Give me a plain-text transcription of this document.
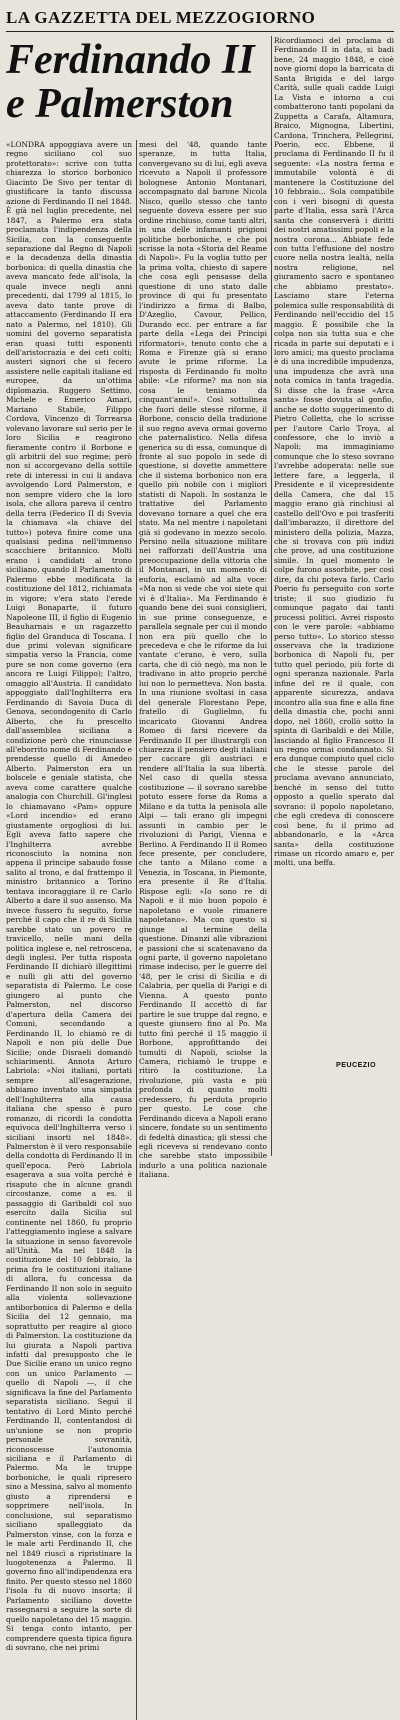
LA GAZZETTA DEL MEZZOGIORNO
Ferdinando II
e Palmerston

«LONDRA appoggiava avere un regno siciliano col suo protettorato»: scrive con tutta chiarezza lo storico borbonico Giacinto De Sivo per tentar di giustificare la tanto discussa azione di Ferdinando II nel 1848. È già nel luglio precedente, nel 1847, a Palermo era stata proclamata l'indipendenza della Sicilia, con la conseguente separazione dal Regno di Napoli e la decadenza della dinastia borbonica: di quella dinastia che aveva mancato fede all'isola, la quale invece negli anni precedenti, dal 1799 al 1815, lo aveva dato tante prove di attaccamento (Ferdinando II era nato a Palermo, nel 1810). Gli uomini del governo separatista eran quasi tutti esponenti dell'aristocrazia e dei ceti colti; austeri signori che si fecero assistere nelle capitali italiane ed europee, da un'ottima diplomazia. Ruggero Settimo, Michele e Emerico Amari, Mariano Stabile, Filippo Cordova, Vincenzo di Torrearsa volevano lavorare sul serio per le loro Sicilia e reagirono fieramente contro il Borbone e gli arbitrii del suo regime; però non si accorgevano della sottile rete di interessi in cui li andava avvolgendo Lord Palmerston, e non sempre videro che la loro isola, che allora pareva il centro della terra (Federico II di Svevia la chiamava «la chiave del tutto») poteva finire come una qualsiasi pedina nell'immenso scacchiere britannico. Molti erano i candidati al trono siciliano, quando il Parlamento di Palermo ebbe modificata la costituzione del 1812, richiamata in vigore; v'era stato l'erede Luigi Bonaparte, il futuro Napoleone III, il figlio di Eugenio Beauharnais e un ragazzetto figlio del Granduca di Toscana. I due primi volevan significare simpatia verso la Francia, come pure se non come governo (era ancora re Luigi Filippo); l'altro, omaggio all'Austria. Il candidato appoggiato dall'Inghilterra era Ferdinando di Savoia Duca di Genova, secondogenito di Carlo Alberto, che fu prescelto dall'assemblea siciliana a condizione però che rinunciasse all'eborrito nome di Ferdinando e prendesse quello di Amedeo Alberto. Palmerston era un bolscele e geniale statista, che aveva come carattere qualche analogia con Churchill. Gl'inglesi lo chiamavano «Pam» oppure «Lord incendio» ed erano giustamente orgogliosi di lui. Egli aveva fatto sapere che l'Inghilterra avrebbe riconosciuto la nomina non appena il principe sabaudo fosse salito al trono, e dal frattempo il ministro britannico a Torino tentava incoraggiare il re Carlo Alberto a dare il suo assenso. Ma invece fussero fu seguito, forse perché il capo che il re di Sicilia sarebbe stato un povero re travicello, nelle mani della politica inglese e, nel retroscena, degli inglesi. Per tutta risposta Ferdinando II dichiarò illegittimi e nulli gli atti del governo separatista di Palermo. Le cose giungero al punto che Palmerston, nel discorso d'apertura della Camera dei Comuni, secondando a Ferdinando II, lo chiamò re di Napoli e non più delle Due Sicilie; onde Disraeli domandò schiarimenti. Annota Arturo Labriola: «Noi italiani, portati sempre all'esagerazione, abbiamo inventato una simpatia dell'Inghilterra alla causa italiana che spesso è puro romanzo, di ricordi la condotta equivoca dell'Inghilterra verso i siciliani insorti nel 1848». Palmerston è il vero responsabile della condotta di Ferdinando II in quell'epoca. Però Labriola esagerava a sua volta perché è risaputo che in alcune grandi circostanze, come a es. il passaggio di Garibaldi col suo esercito dalla Sicilia sul continente nel 1860, fu proprio l'atteggiamento inglese a salvare la situazione in senso favorevole all'Unità. Ma nel 1848 la costituzione del 10 febbraio, la prima fra le costituzioni italiane di allora, fu concessa da Ferdinando II non solo in seguito alla violenta sollevazione antiborbonica di Palermo e della Sicilia del 12 gennaio, ma soprattutto per reagire al gioco di Palmerston. La costituzione da lui giurata a Napoli partiva infatti dal presupposto che le Due Sicilie erano un unico regno con un unico Parlamento — quello di Napoli —, il che significava la fine del Parlamento separatista siciliano. Seguì il tentativo di Lord Minto perché Ferdinando II, contentandosi di un'unione se non proprio personale sovranità, riconoscesse l'autonomia siciliana e il Parlamento di Palermo. Ma le truppe borboniche, le quali ripresero sino a Messina, salvo al momento giusto a riprendersi e sopprimere nell'isola. In conclusione, sul separatismo siciliano spalleggiato da Palmerston vinse, con la forza e le male arti Ferdinando II, che nel 1849 riuscì a ripristinare la luogotenenza a Palermo. Il governo fino all'indipendenza era finito. Per questo stesso nel 1860 l'isola fu di nuovo insorta; il Parlamento siciliano dovette rassegnarsi a seguire la sorte di quello napoletano del 15 maggio. Si tenga conto intanto, per comprendere questa tipica figura di sovrano, che nei primi

mesi del '48, quando tante speranze, in tutta Italia, convergevano su di lui, egli aveva ricevuto a Napoli il professore bolognese Antonio Montanari, accompagnato dal barone Nicola Nisco, quello stesso che tanto seguente doveva essere per suo ordine rinchiuso, come tanti altri, in una delle infamanti prigioni politiche borboniche, e che poi scrisse la nota «Storia del Reame di Napoli». Fu la voglia tutto per la prima volta, chiesto di sapere che cosa egli pensasse della questione di uno stato dalle province di qui fu presentato l'indirizzo a firma di Balbo, D'Azeglio, Cavour, Pellico, Durando ecc. per entrare a far parte della «Lega dei Principi riformatori», tenuto conto che a Roma e Firenze già si erano avute le prime riforme. La risposta di Ferdinando fu molto abile: «Le riforme? ma non sia cosa le teniamo da cinquant'anni!». Così sottolinea che fuori delle stesse riforme, il Borbone, conscio della tradizione il suo regno aveva ormai governo che paternalistico. Nella difesa generica su di essa, comunque di fronte al suo popolo in sede di questione, si dovette ammettere che il sistema borbonico non era quello più nobile con i migliori statisti di Napoli. In sostanza le trattative del Parlamento dovevano tornare a quel che era stato. Ma nel mentre i napoletani già si godevano in mezzo secolo. Persino nella situazione militare nei rafforzati dell'Austria una preoccupazione della vittoria che il Montanari, in un momento di euforia, esclamò ad alta voce: «Ma non si vede che voi siete qui vi è d'Italia». Ma Ferdinando è quando bene dei suoi consiglieri, in sue prime conseguenze, e parallela segnale per cui il mondo non era più quello che lo precedeva e che le riforme da lui vantate c'erano, è vero, sulla carta, che di ciò negò, ma non le tradivano in atto proprio perché lui non lo permetteva. Non basta. In una riunione svoltasi in casa del generale Florestano Pepe, fratello di Guglielmo, fu incaricato Giovanni Andrea Romeo di farsi ricevere da Ferdinando II per illustrargli con chiarezza il pensiero degli italiani per caccare gli austriaci e rendere all'Italia la sua libertà. Nel caso di quella stessa costituzione — il sovrano sarebbe potuto essere forse da Roma a Milano e da tutta la penisola alle Alpi — tali erano gli impegni assunti in cambio per le rivoluzioni di Parigi, Vienna e Berlino. A Ferdinando II il Romeo fece presente, per concludere, che tanto a Milano come a Venezia, in Toscana, in Piemonte, era presente il Re d'Italia. Rispose egli: «Io sono re di Napoli e il mio buon popolo è napoletano e vuole rimanere napoletano». Ma con questo si giunge al termine della questione. Dinanzi alle vibrazioni e passioni che si scatenavano da ogni parte, il governo napoletano rimase indeciso, per le guerre del '48, per le crisi di Sicilia e di Calabria, per quella di Parigi e di Vienna. A questo punto Ferdinando II accettò di far partire le sue truppe dal regno, e queste giunsero fino al Po. Ma tutto finì perché il 15 maggio il Borbone, approfittando dei tumulti di Napoli, sciolse la Camera, richiamò le truppe e ritirò la costituzione. La rivoluzione, più vasta e più profonda di quanto molti credessero, fu perduta proprio per questo. Le cose che Ferdinando diceva a Napoli erano sincere, fondate su un sentimento di fedeltà dinastica; gli stessi che egli riceveva si rendevano conto che sarebbe stato impossibile indurlo a una politica nazionale italiana.

Ricordiamoci del proclama di Ferdinando II in data, si badi bene, 24 maggio 1848, e cioè nove giorni dopo la barricata di Santa Brigida e del largo Carità, sulle quali cadde Luigi La Vista e intorno a cui combatterono tanti popolani da Zuppetta a Carafa, Altamura, Braico, Mignogna, Libertini, Cardona, Trinchera, Pellegrini, Poerio, ecc. Ebbene, il proclama di Ferdinando II fu il seguente: «La nostra ferma e immutabile volontà è di mantenere la Costituzione del 10 febbraio... Sola compatibile con i veri bisogni di questa parte d'Italia, essa sarà l'Arca santa che conserverà i diritti dei nostri amatissimi popoli e la nostra corona... Abbiate fede con tutta l'effusione del nostro cuore nella nostra lealtà, nella nostra religione, nel giuramento sacro e spontaneo che abbiamo prestato». Lasciamo stare l'eterna polemica sulle responsabilità di Ferdinando nell'eccidio del 15 maggio. È possibile che la colpa non sia tutta sua e che ricada in parte sui deputati e i loro amici; ma questo proclama è di una incredibile impudenza, una impudenza che avrà una nota comica in tanta tragedia. Si disse che la frase «Arca santa» fosse dovuta al gonfio, anche se dotto suggerimento di Pietro Colletta, che lo scrisse per l'autore Carlo Troya, al confessore, che lo inviò a Napoli; ma immaginiamo comunque che lo steso sovrano l'avrebbe adoperata: nelle sue lettere fare, a leggerla, il Presidente e il vicepresidente della Camera, che dal 15 maggio erano già rinchiusi al castello dell'Ovo e poi trasferiti dall'imbarazzo, il direttore del ministero della polizia, Mazza, che si trovava con più indizi che prove, ad una costituzione simile. In quel momento le colpe furono assorbite, per così dire, da chi poteva farlo. Carlo Poerio fu perseguito con sorte triste; il suo giudizio fu comunque pagato dai tanti processi politici. Avrei risposto con le vere parole: «abbiamo perso tutto». Lo storico stesso osservava che la tradizione borbonica di Napoli fu, per tutto quel periodo, più forte di ogni speranza nazionale. Parla infine del re il quale, con apparente sicurezza, andava incontro alla sua fine e alla fine della dinastia che, pochi anni dopo, nel 1860, crollò sotto la spinta di Garibaldi e dei Mille, lasciando al figlio Francesco II un regno ormai condannato. Si era dunque compiuto quel ciclo che le stesse parole del proclama avevano annunciato, benché in senso del tutto opposto a quello sperato dal sovrano: il popolo napoletano, che egli credeva di conoscere così bene, fu il primo ad abbandonarlo, e la «Arca santa» della costituzione rimase un ricordo amaro e, per molti, una beffa.

PEUCEZIO
